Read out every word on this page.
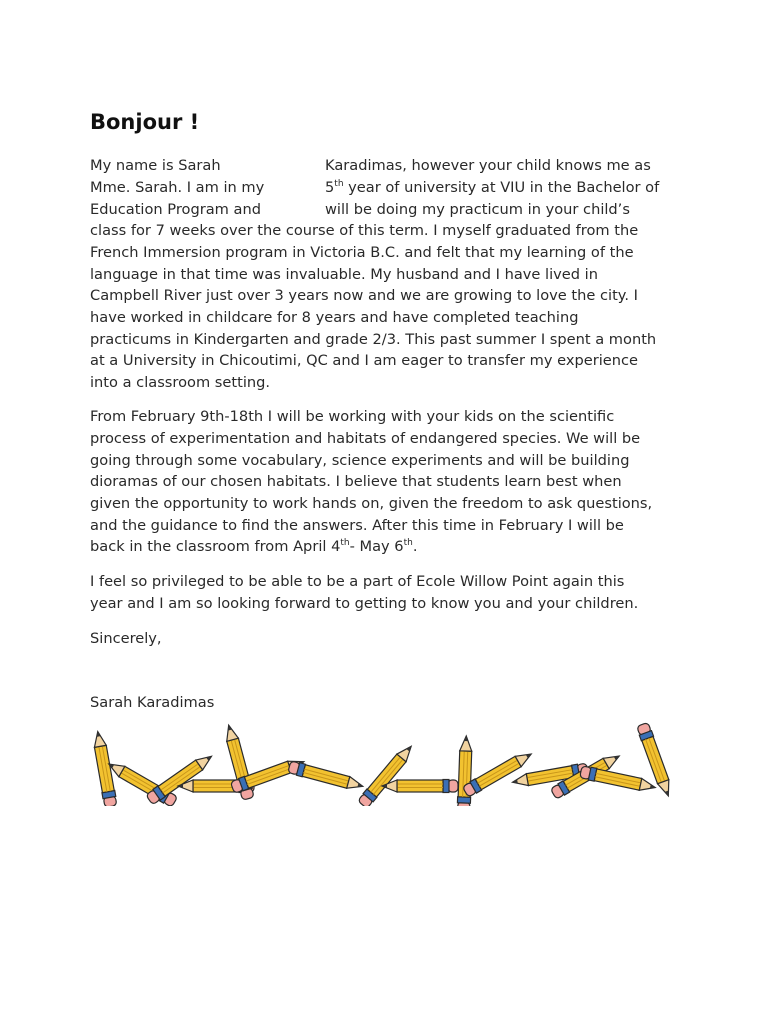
Bonjour !
My name is Sarah	Karadimas, however your child knows me as
Mme. Sarah. I am in my	5th year of university at VIU in the Bachelor of
Education Program and	will be doing my practicum in your child’s
class for 7 weeks over the course of this term. I myself graduated from the
French Immersion program in Victoria B.C. and felt that my learning of the
language in that time was invaluable. My husband and I have lived in
Campbell River just over 3 years now and we are growing to love the city. I
have worked in childcare for 8 years and have completed teaching
practicums in Kindergarten and grade 2/3. This past summer I spent a month
at a University in Chicoutimi, QC and I am eager to transfer my experience
into a classroom setting.
From February 9th-18th I will be working with your kids on the scientific
process of experimentation and habitats of endangered species. We will be
going through some vocabulary, science experiments and will be building
dioramas of our chosen habitats. I believe that students learn best when
given the opportunity to work hands on, given the freedom to ask questions,
and the guidance to find the answers. After this time in February I will be
back in the classroom from April 4th- May 6th.
I feel so privileged to be able to be a part of Ecole Willow Point again this
year and I am so looking forward to getting to know you and your children.
Sincerely,
Sarah Karadimas
